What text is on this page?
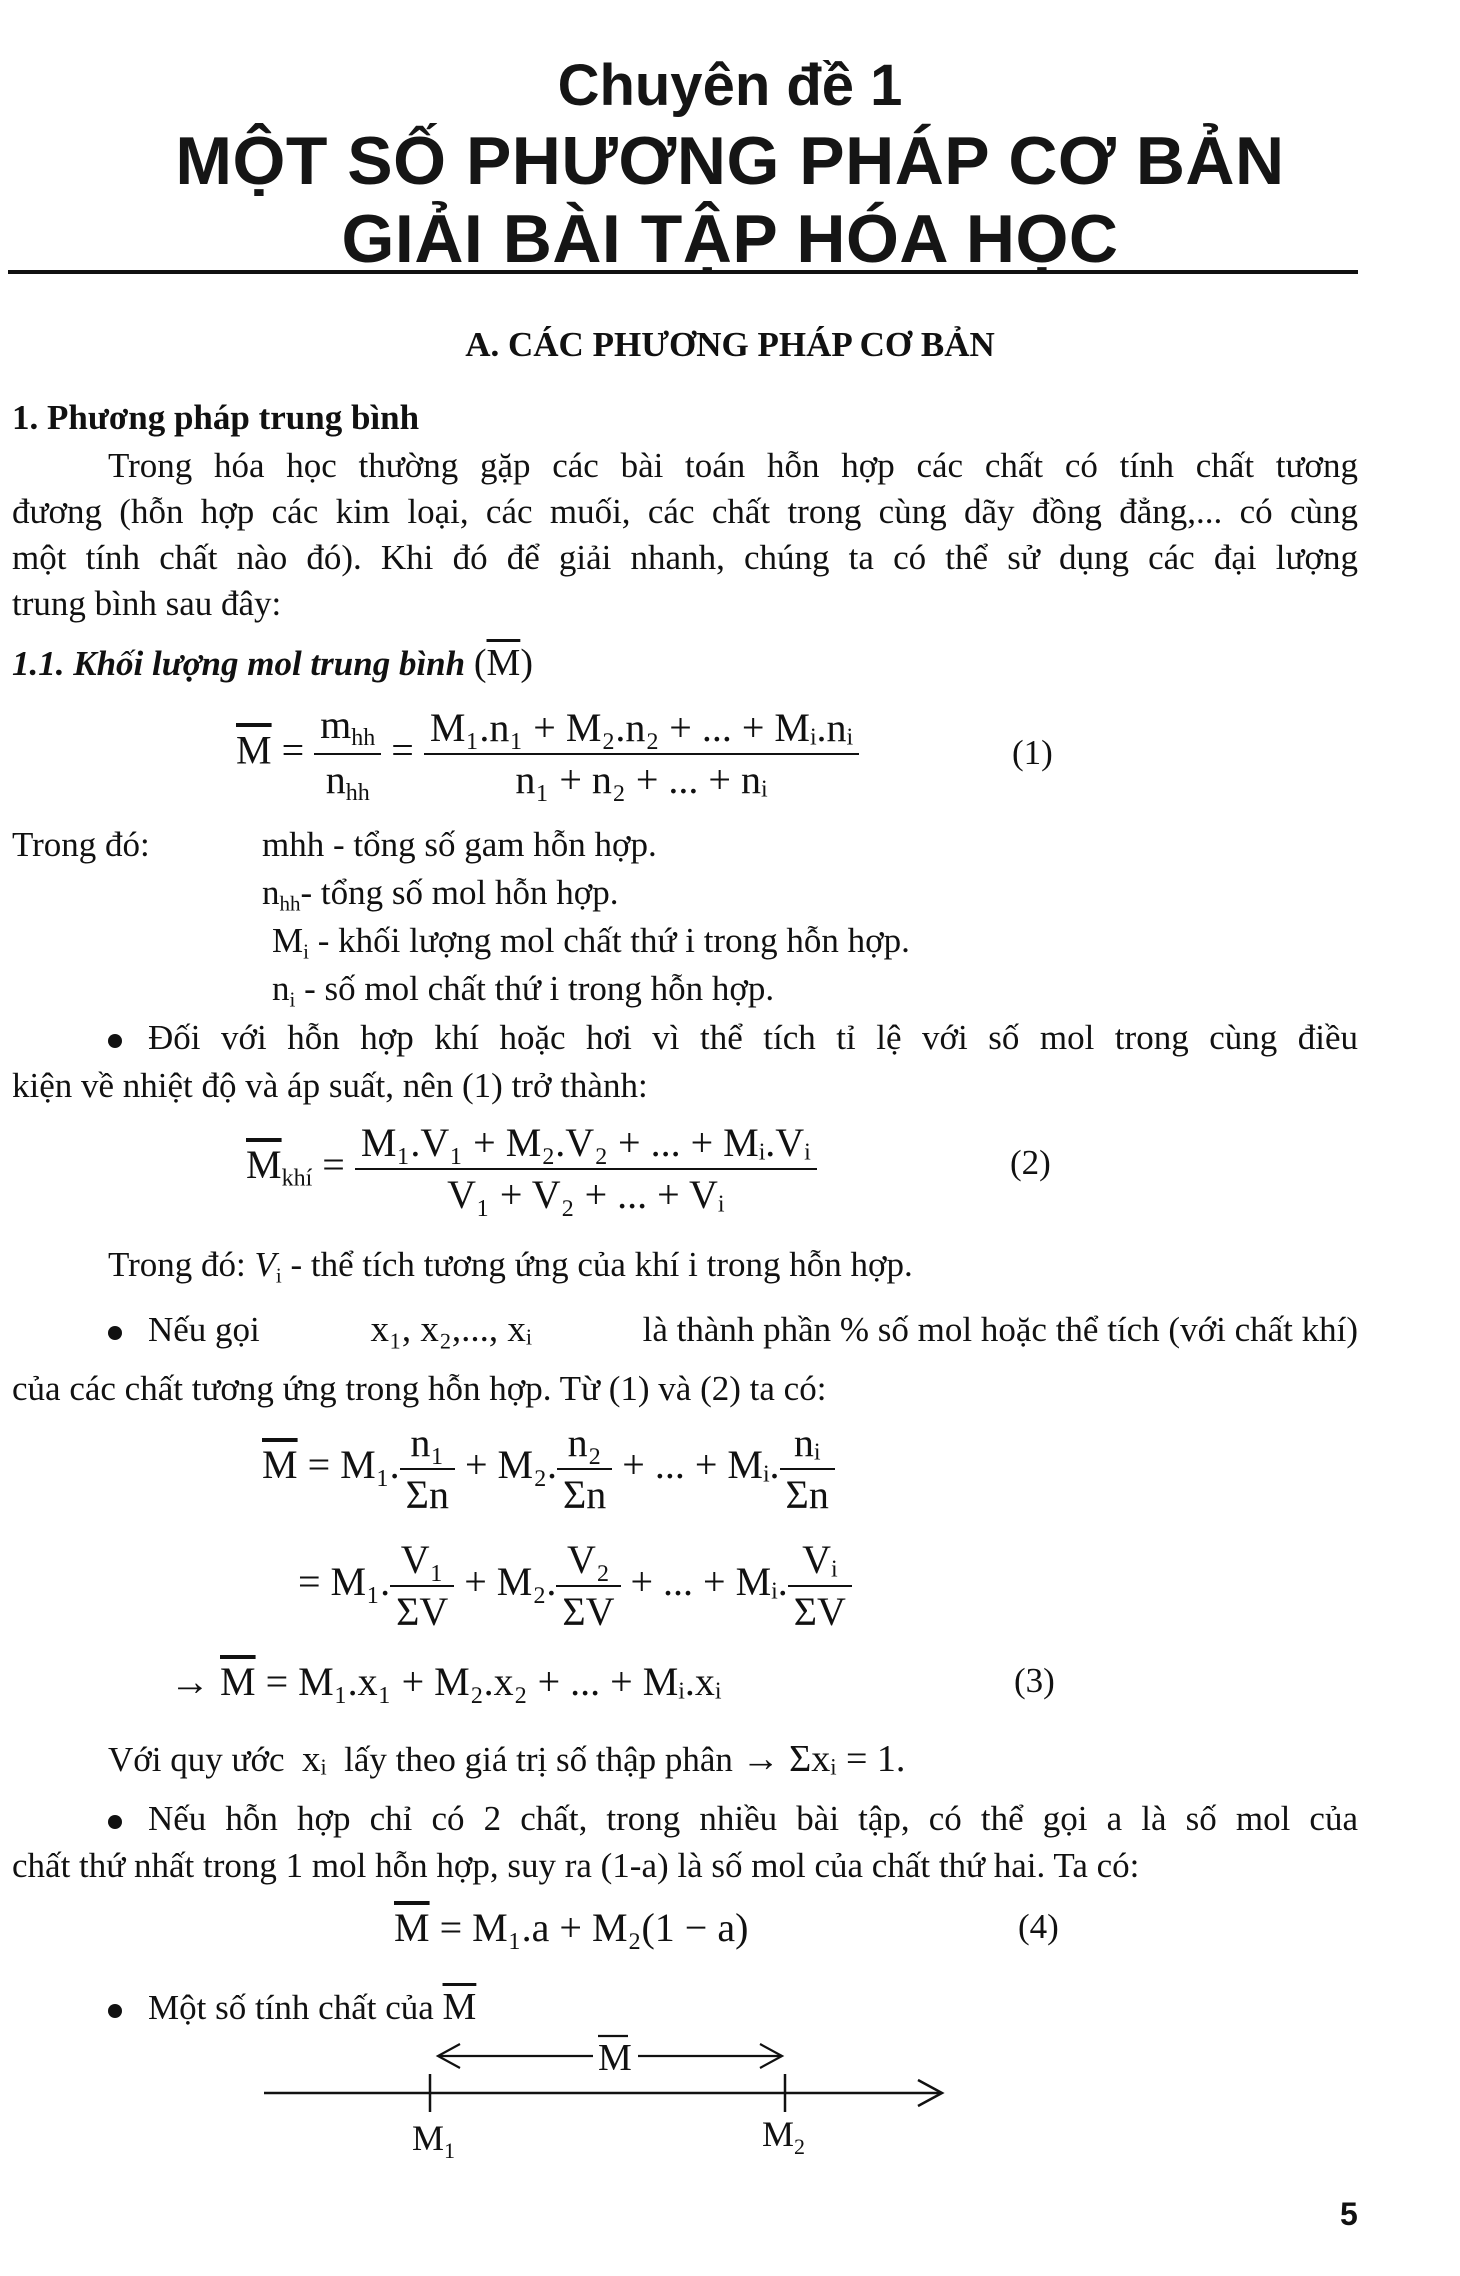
Chuyên đề 1
MỘT SỐ PHƯƠNG PHÁP CƠ BẢN
GIẢI BÀI TẬP HÓA HỌC
A. CÁC PHƯƠNG PHÁP CƠ BẢN
1. Phương pháp trung bình
Trong hóa học thường gặp các bài toán hỗn hợp các chất có tính chất tương
đương (hỗn hợp các kim loại, các muối, các chất trong cùng dãy đồng đẳng,... có cùng
một tính chất nào đó). Khi đó để giải nhanh, chúng ta có thể sử dụng các đại lượng
trung bình sau đây:
1.1. Khối lượng mol trung bình $(\overline{M})$
$\overline{M} = \frac{m_{hh}}{n_{hh}} = \frac{\text{M₁.n₁ + M₂.n₂ + ... + Mᵢ.nᵢ}}{\text{n₁ + n₂ + ... + nᵢ}}$	(1)
Trong đó:	mhh - tổng số gam hỗn hợp.
$n_{hh}-$ tổng số mol hỗn hợp.
$M_i$ - khối lượng mol chất thứ i trong hỗn hợp.
$n_i$ - số mol chất thứ i trong hỗn hợp.
Đối với hỗn hợp khí hoặc hơi vì thể tích tỉ lệ với số mol trong cùng điều
kiện về nhiệt độ và áp suất, nên (1) trở thành:
$\overline{M}_{khí} = \frac{\text{M₁.V₁ + M₂.V₂ + ... + Mᵢ.Vᵢ}}{\text{V₁ + V₂ + ... + Vᵢ}}$	(2)
Trong đó: $V_i$ - thể tích tương ứng của khí i trong hỗn hợp.
Nếu gọi	x₁, x₂,..., xᵢ	là thành phần % số mol hoặc thể tích (với chất khí)
của các chất tương ứng trong hỗn hợp. Từ (1) và (2) ta có:
$\overline{M} = M_1$. $\frac{\text{n₁}}{\Sigma n} + M_2$. $\frac{\text{n₂}}{\Sigma n}$ + ... + Mᵢ. $\frac{\text{nᵢ}}{\Sigma n}$
= M₁. $\frac{\text{V₁}}{\Sigma V} + M_2$. $\frac{\text{V₂}}{\Sigma V}$ + ... + Mᵢ. $\frac{\text{Vᵢ}}{\Sigma V}$
→ $\overline{M} = M_1.x_1 + M_2.x_2$ + ... + Mᵢ.xᵢ	(3)
Với quy ước xᵢ lấy theo giá trị số thập phân → Σxᵢ = 1.
Nếu hỗn hợp chỉ có 2 chất, trong nhiều bài tập, có thể gọi a là số mol của
chất thứ nhất trong 1 mol hỗn hợp, suy ra (1-a) là số mol của chất thứ hai. Ta có:
$\overline{M} = M_1.a + M_2(1 - a)$	(4)
Một số tính chất của $\overline{M}$
M
$M_1$	$M_2$
5
